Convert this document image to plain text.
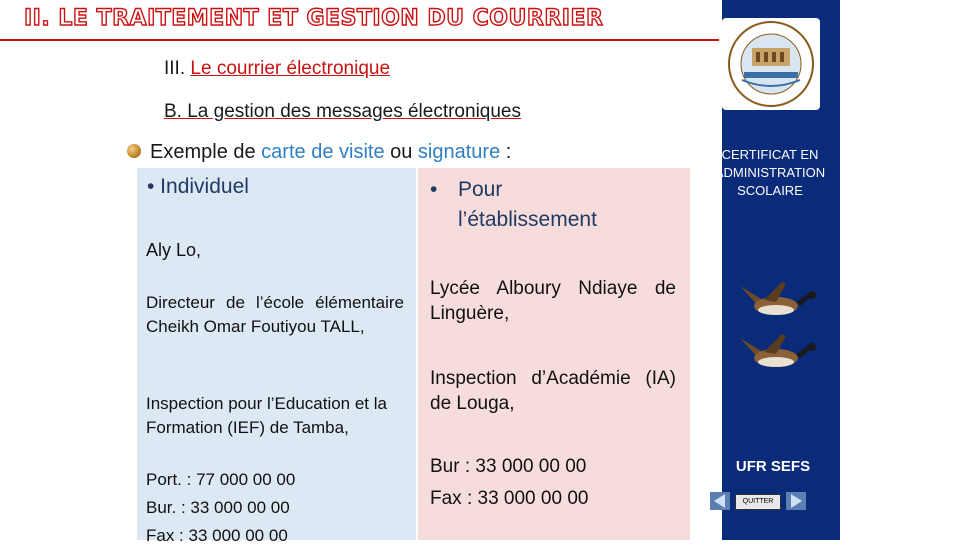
II. LE TRAITEMENT ET GESTION DU COURRIER
III. Le courrier électronique
B. La gestion des messages électroniques
Exemple de carte de visite ou signature :
• Individuel	• Pour
l’établissement
Aly Lo,
Directeur de l’école élémentaire Cheikh Omar Foutiyou TALL,
Inspection pour l’Education et la Formation (IEF) de Tamba,
Port. : 77 000 00 00
Bur. : 33 000 00 00
Fax : 33 000 00 00
Lycée Alboury Ndiaye de Linguère,
Inspection d’Académie (IA) de Louga,
Bur : 33 000 00 00
Fax : 33 000 00 00
CERTIFICAT EN
ADMINISTRATION
SCOLAIRE
UFR SEFS
QUITTER
